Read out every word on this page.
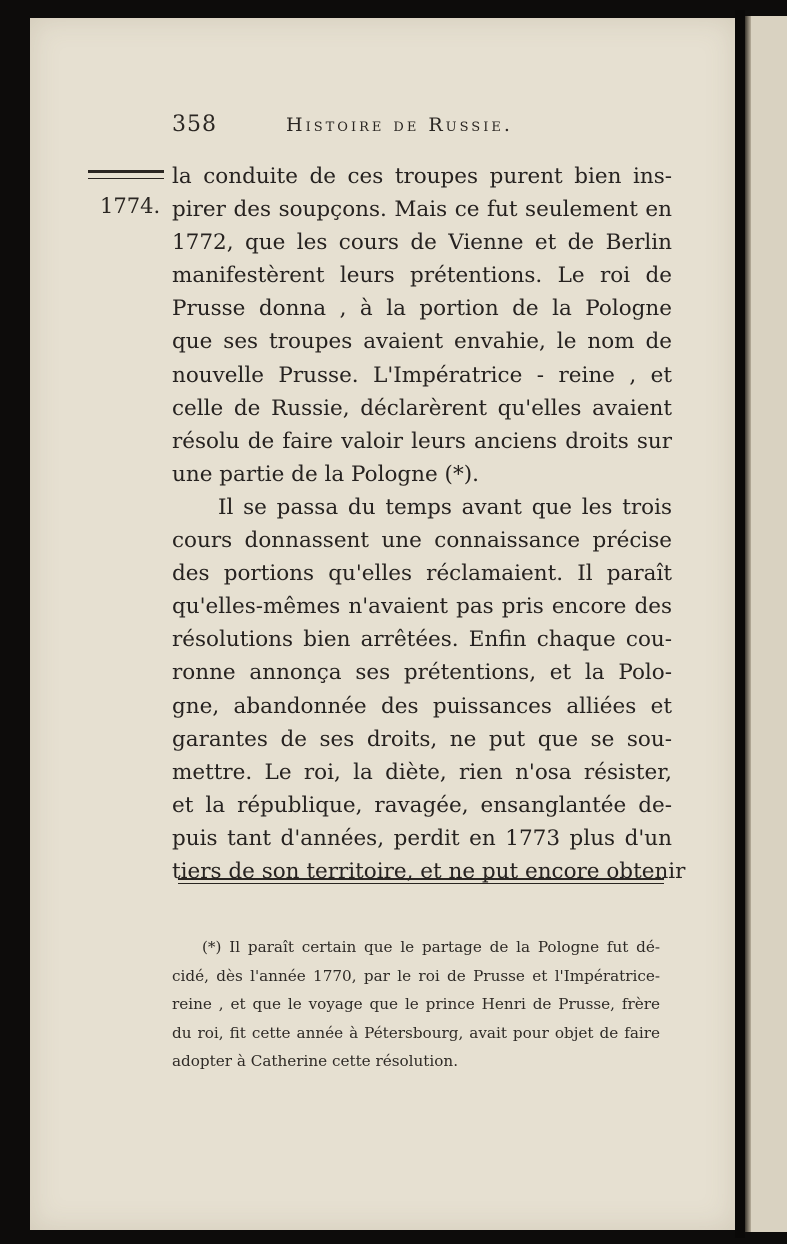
358	Histoire de Russie.
1774.
la conduite de ces troupes purent bien ins-
pirer des soupçons. Mais ce fut seulement en
1772, que les cours de Vienne et de Berlin
manifestèrent leurs prétentions. Le roi de
Prusse donna , à la portion de la Pologne
que ses troupes avaient envahie, le nom de
nouvelle Prusse. L'Impératrice - reine , et
celle de Russie, déclarèrent qu'elles avaient
résolu de faire valoir leurs anciens droits sur
une partie de la Pologne (*).
Il se passa du temps avant que les trois
cours donnassent une connaissance précise
des portions qu'elles réclamaient. Il paraît
qu'elles-mêmes n'avaient pas pris encore des
résolutions bien arrêtées. Enfin chaque cou-
ronne annonça ses prétentions, et la Polo-
gne, abandonnée des puissances alliées et
garantes de ses droits, ne put que se sou-
mettre. Le roi, la diète, rien n'osa résister,
et la république, ravagée, ensanglantée de-
puis tant d'années, perdit en 1773 plus d'un
tiers de son territoire, et ne put encore obtenir
(*) Il paraît certain que le partage de la Pologne fut dé-
cidé, dès l'année 1770, par le roi de Prusse et l'Impératrice-
reine , et que le voyage que le prince Henri de Prusse, frère
du roi, fit cette année à Pétersbourg, avait pour objet de faire
adopter à Catherine cette résolution.
